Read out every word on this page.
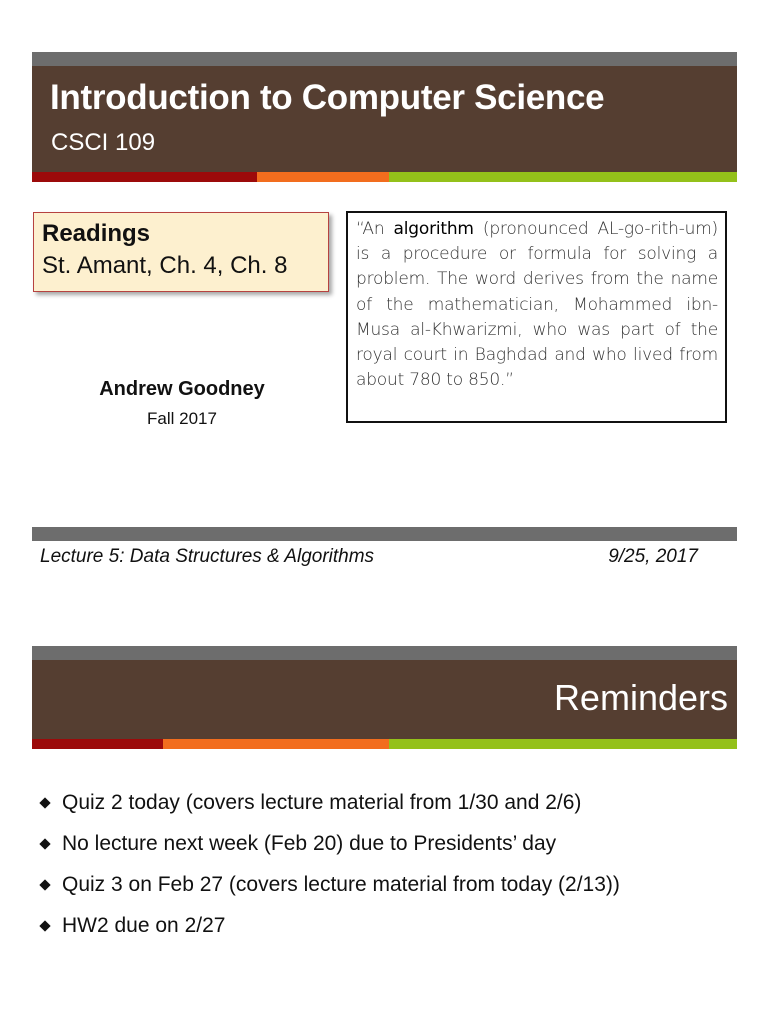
Introduction to Computer Science
CSCI 109
Readings
St. Amant, Ch. 4, Ch. 8
Andrew Goodney
Fall 2017
“An algorithm (pronounced AL-go-rith-um) is a procedure or formula for solving a problem. The word derives from the name of the mathematician, Mohammed ibn-Musa al-Khwarizmi, who was part of the royal court in Baghdad and who lived from about 780 to 850.”
Lecture 5: Data Structures & Algorithms	9/25, 2017
Reminders
Quiz 2 today (covers lecture material from 1/30 and 2/6)
No lecture next week (Feb 20) due to Presidents’ day
Quiz 3 on Feb 27 (covers lecture material from today (2/13))
HW2 due on 2/27
